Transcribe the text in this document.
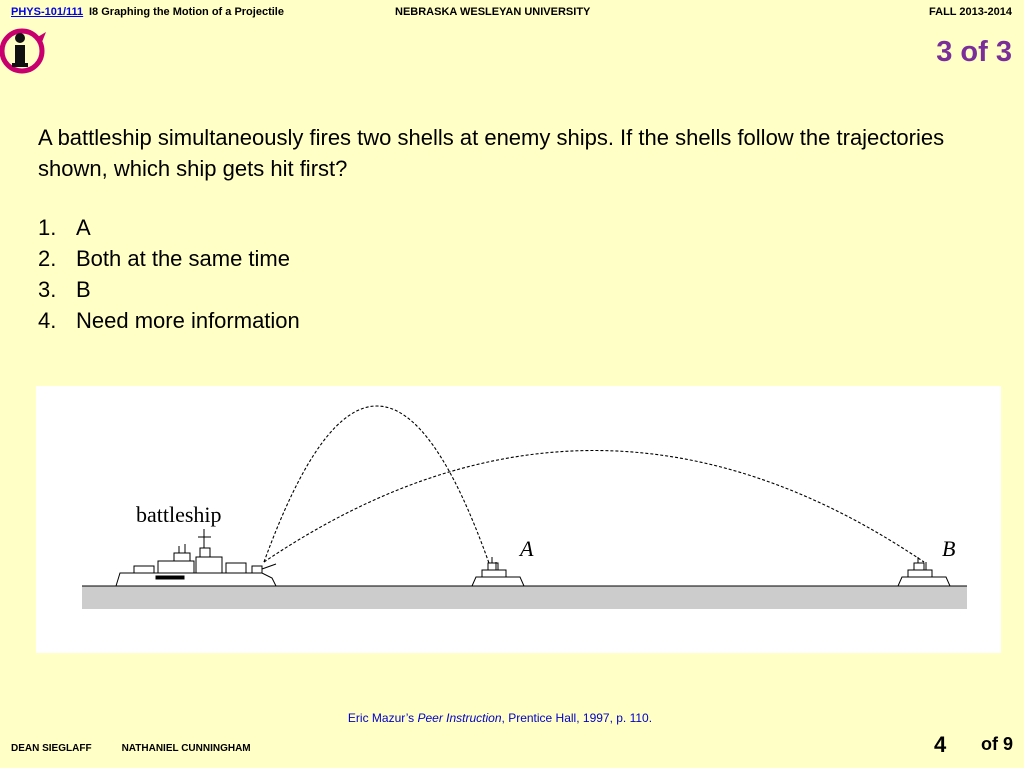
PHYS-101/111 I8 Graphing the Motion of a Projectile	NEBRASKA WESLEYAN UNIVERSITY	FALL 2013-2014
3 of 3

A battleship simultaneously fires two shells at enemy ships. If the shells follow the trajectories shown, which ship gets hit first?

1. A
2. Both at the same time
3. B
4. Need more information
battleship
A	B
Eric Mazur’s Peer Instruction, Prentice Hall, 1997, p. 110.
DEAN SIEGLAFF	NATHANIEL CUNNINGHAM	4 of 9
